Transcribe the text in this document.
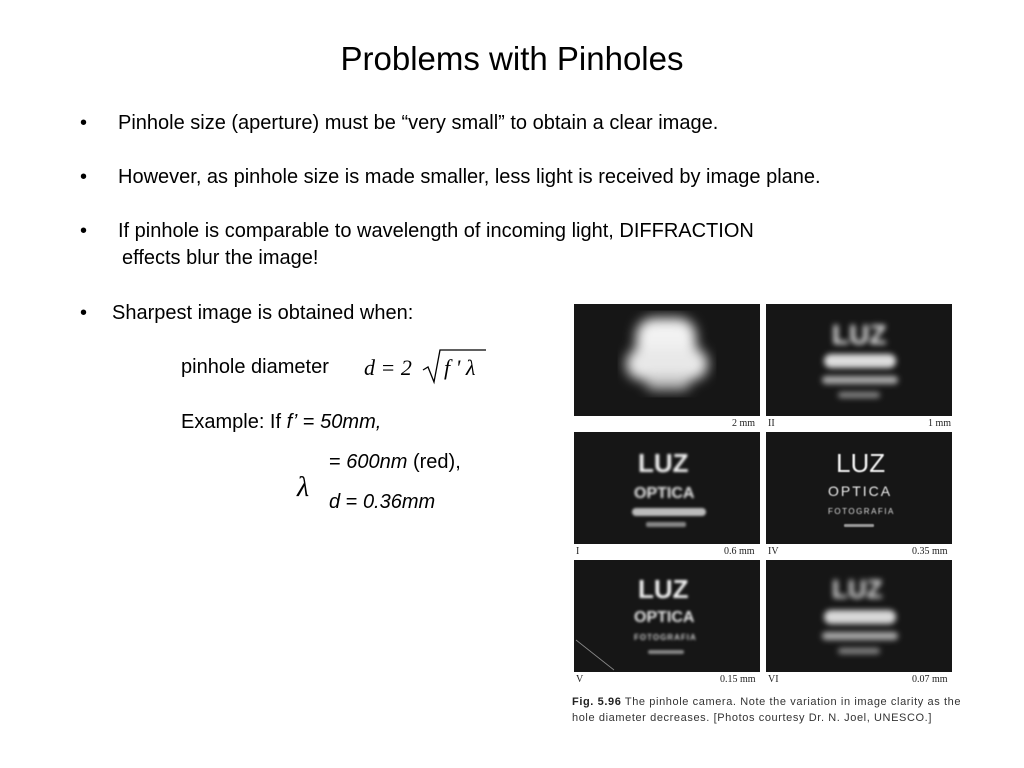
Problems with Pinholes
• Pinhole size (aperture) must be “very small” to obtain a clear image.
• However, as pinhole size is made smaller, less light is received by image plane.
• If pinhole is comparable to wavelength of incoming light, DIFFRACTION
effects blur the image!
• Sharpest image is obtained when:
pinhole diameter d = 2 f ' λ
Example: If f’ = 50mm,
λ
= 600nm (red),
d = 0.36mm
2 mm
LUZ
II	1 mm
LUZ
OPTICA
I	0.6 mm
LUZ
OPTICA
FOTOGRAFIA
IV	0.35 mm
LUZ
OPTICA
FOTOGRAFIA
V	0.15 mm
LUZ
VI	0.07 mm
Fig. 5.96 The pinhole camera. Note the variation in image clarity as the hole diameter decreases. [Photos courtesy Dr. N. Joel, UNESCO.]
